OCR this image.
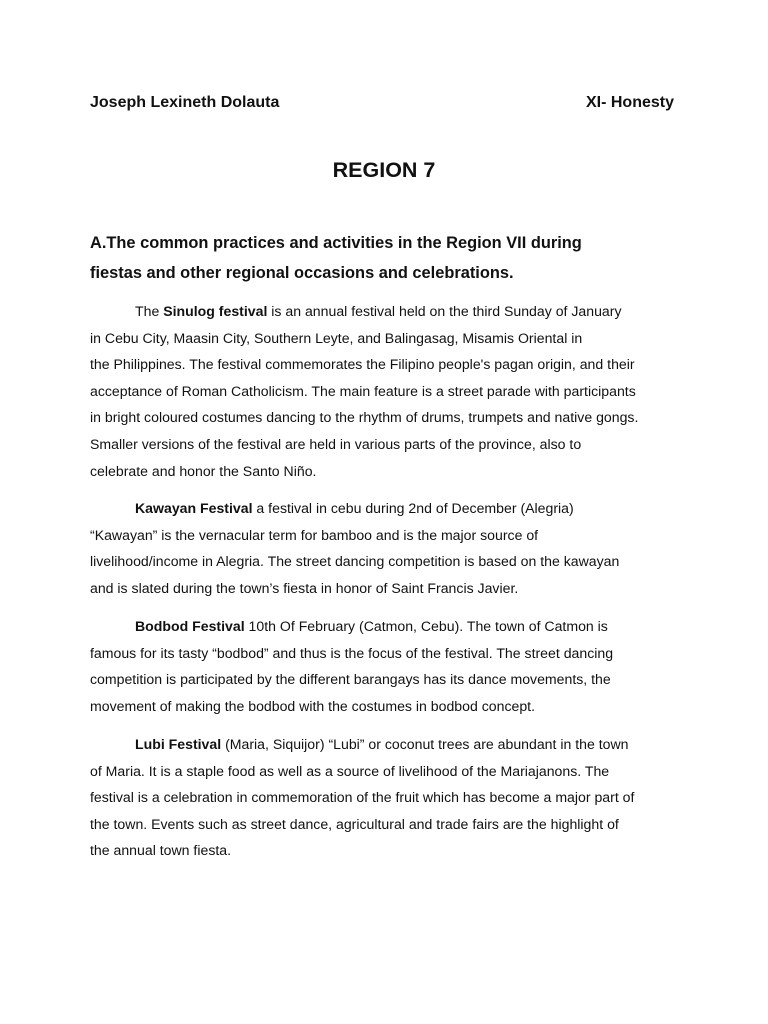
Joseph Lexineth Dolauta	XI- Honesty
REGION 7
A.The common practices and activities in the Region VII during
fiestas and other regional occasions and celebrations.
The Sinulog festival is an annual festival held on the third Sunday of January
in Cebu City, Maasin City, Southern Leyte, and Balingasag, Misamis Oriental in
the Philippines. The festival commemorates the Filipino people's pagan origin, and their
acceptance of Roman Catholicism. The main feature is a street parade with participants
in bright coloured costumes dancing to the rhythm of drums, trumpets and native gongs.
Smaller versions of the festival are held in various parts of the province, also to
celebrate and honor the Santo Niño.
Kawayan Festival a festival in cebu during 2nd of December (Alegria)
“Kawayan” is the vernacular term for bamboo and is the major source of
livelihood/income in Alegria. The street dancing competition is based on the kawayan
and is slated during the town’s fiesta in honor of Saint Francis Javier.
Bodbod Festival 10th Of February (Catmon, Cebu). The town of Catmon is
famous for its tasty “bodbod” and thus is the focus of the festival. The street dancing
competition is participated by the different barangays has its dance movements, the
movement of making the bodbod with the costumes in bodbod concept.
Lubi Festival (Maria, Siquijor) “Lubi” or coconut trees are abundant in the town
of Maria. It is a staple food as well as a source of livelihood of the Mariajanons. The
festival is a celebration in commemoration of the fruit which has become a major part of
the town. Events such as street dance, agricultural and trade fairs are the highlight of
the annual town fiesta.
